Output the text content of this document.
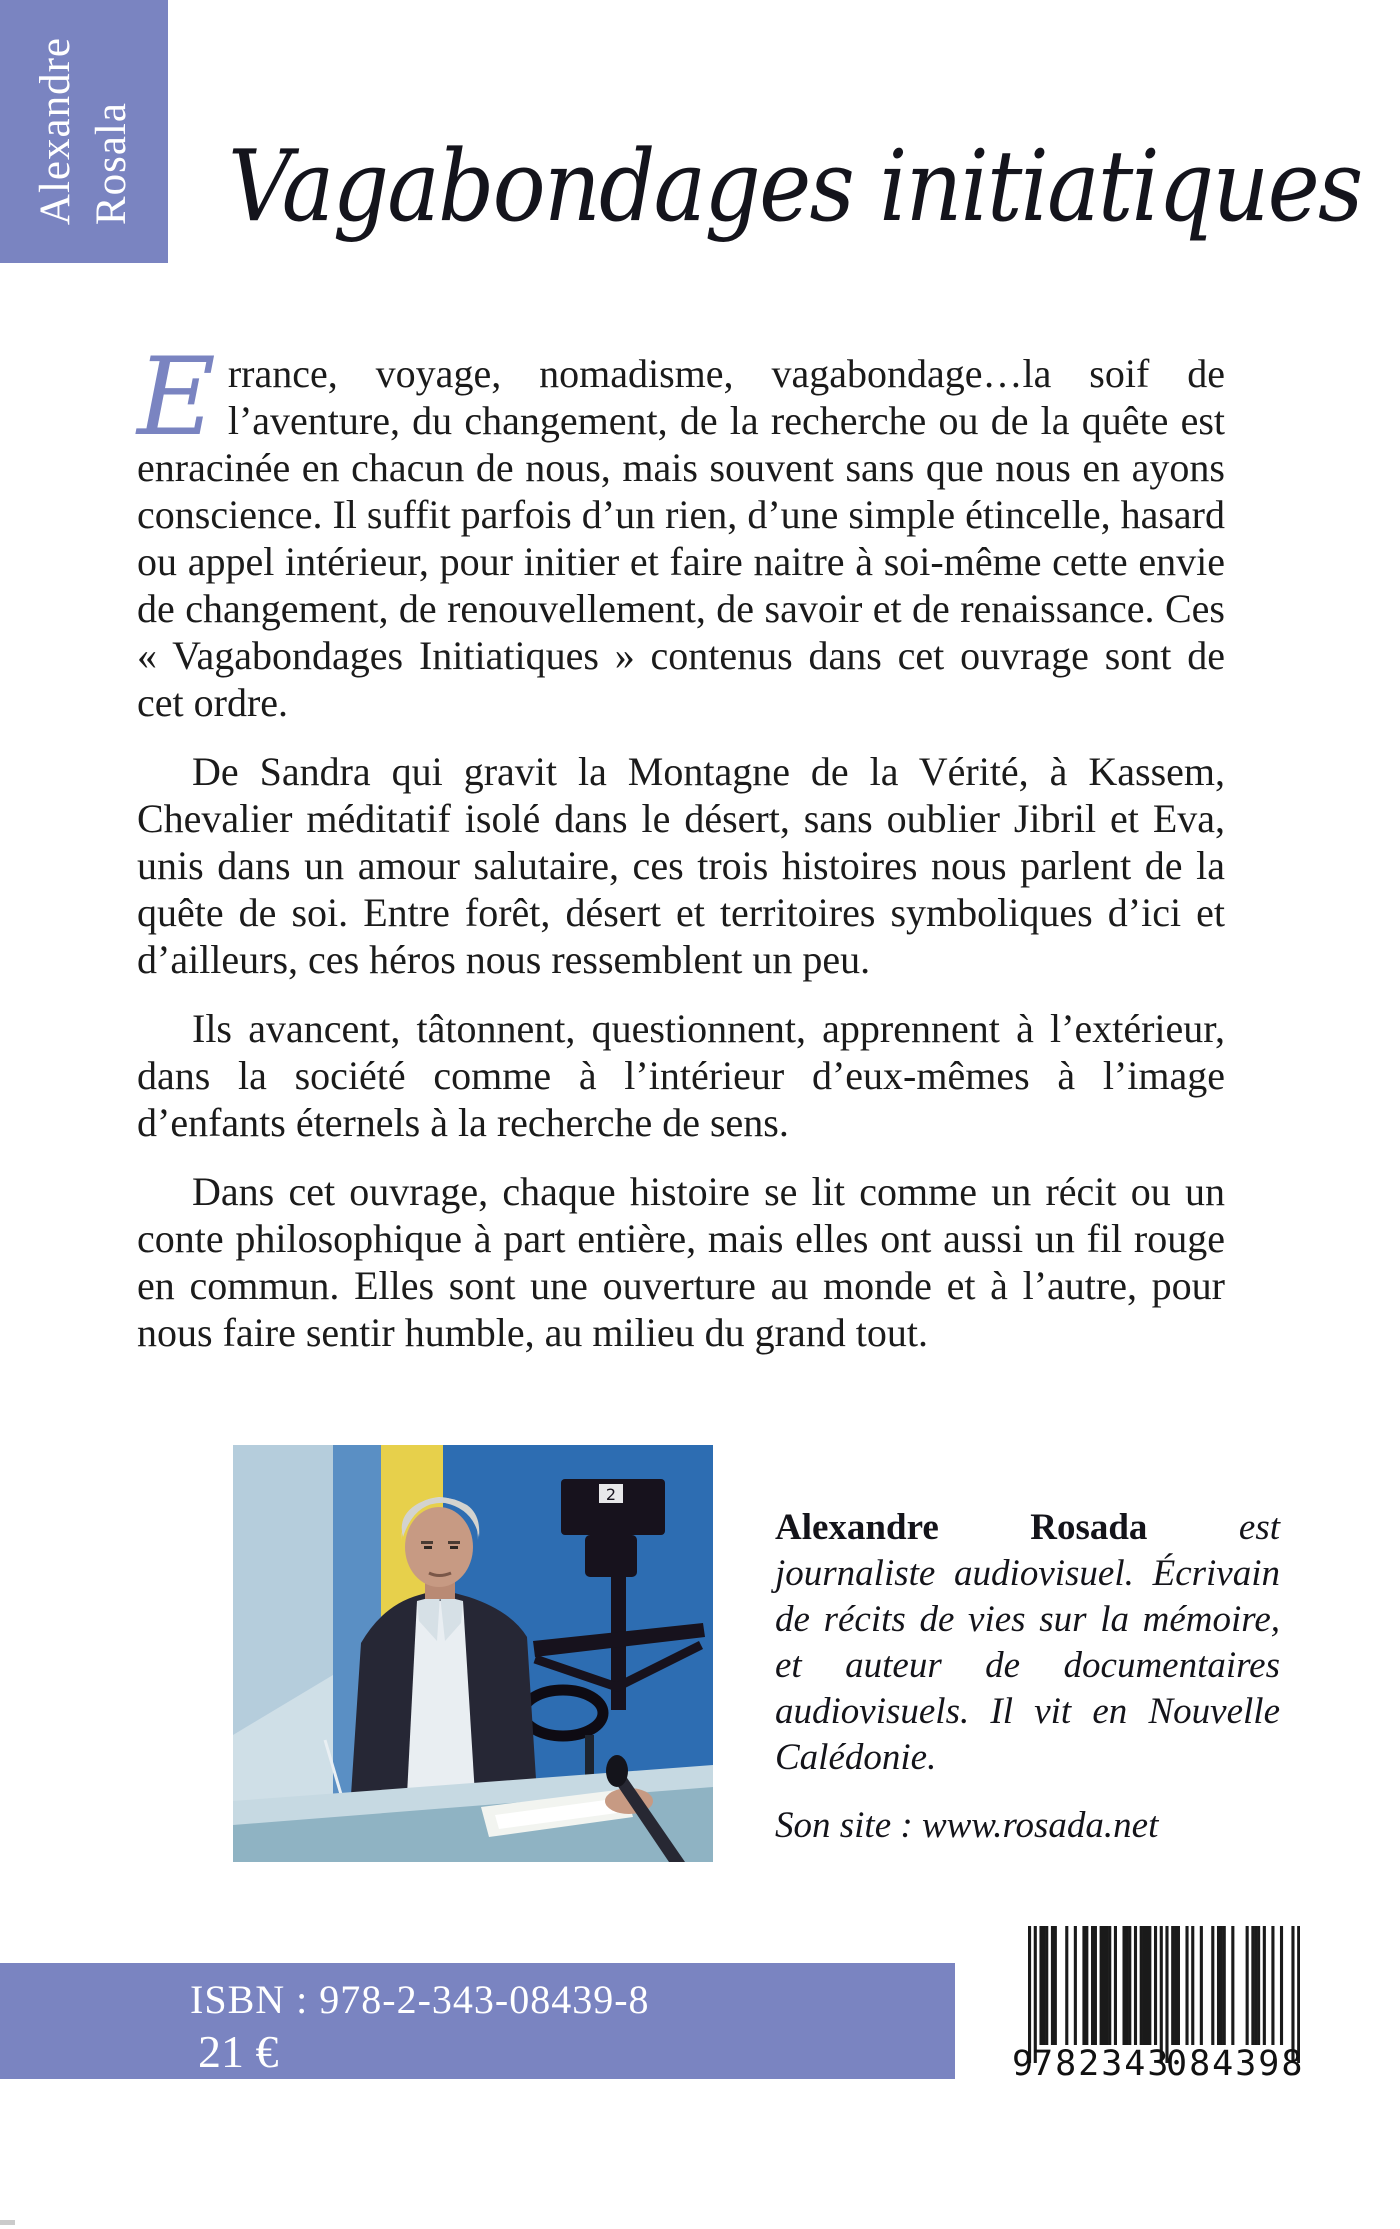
Alexandre Rosala Vagabondages initiatiques

Errance, voyage, nomadisme, vagabondage…la soif de l’aventure, du changement, de la recherche ou de la quête est enracinée en chacun de nous, mais souvent sans que nous en ayons conscience. Il suffit parfois d’un rien, d’une simple étincelle, hasard ou appel intérieur, pour initier et faire naitre à soi-même cette envie de changement, de renouvellement, de savoir et de renaissance. Ces « Vagabondages Initiatiques » contenus dans cet ouvrage sont de cet ordre.

De Sandra qui gravit la Montagne de la Vérité, à Kassem, Chevalier méditatif isolé dans le désert, sans oublier Jibril et Eva, unis dans un amour salutaire, ces trois histoires nous parlent de la quête de soi. Entre forêt, désert et territoires symboliques d’ici et d’ailleurs, ces héros nous ressemblent un peu.

Ils avancent, tâtonnent, questionnent, apprennent à l’extérieur, dans la société comme à l’intérieur d’eux-mêmes à l’image d’enfants éternels à la recherche de sens.

Dans cet ouvrage, chaque histoire se lit comme un récit ou un conte philosophique à part entière, mais elles ont aussi un fil rouge en commun. Elles sont une ouverture au monde et à l’autre, pour nous faire sentir humble, au milieu du grand tout.

2

Alexandre Rosada est journaliste audiovisuel. Écrivain de récits de vies sur la mémoire, et auteur de documentaires audiovisuels. Il vit en Nouvelle Calédonie.

Son site : www.rosada.net

ISBN : 978-2-343-08439-8
21 €	9
782343
084398
